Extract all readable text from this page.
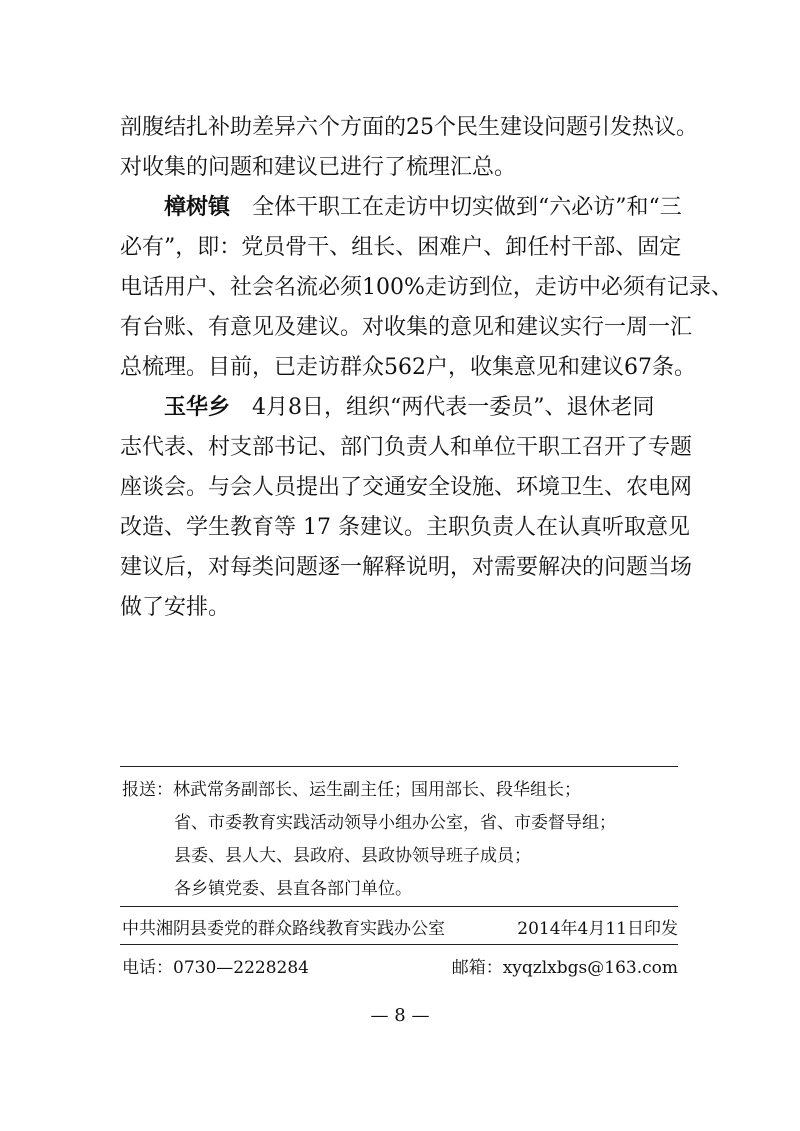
剖腹结扎补助差异六个方面的25个民生建设问题引发热议。
对收集的问题和建议已进行了梳理汇总。
樟树镇	全体干职工在走访中切实做到“六必访”和“三
必有”，即：党员骨干、组长、困难户、卸任村干部、固定
电话用户、社会名流必须100%走访到位，走访中必须有记录、
有台账、有意见及建议。对收集的意见和建议实行一周一汇
总梳理。目前，已走访群众562户，收集意见和建议67条。
玉华乡	4月8日，组织“两代表一委员”、退休老同
志代表、村支部书记、部门负责人和单位干职工召开了专题
座谈会。与会人员提出了交通安全设施、环境卫生、农电网
改造、学生教育等 17 条建议。主职负责人在认真听取意见
建议后，对每类问题逐一解释说明，对需要解决的问题当场
做了安排。
报送：林武常务副部长、运生副主任；国用部长、段华组长；
省、市委教育实践活动领导小组办公室，省、市委督导组；
县委、县人大、县政府、县政协领导班子成员；
各乡镇党委、县直各部门单位。
中共湘阴县委党的群众路线教育实践办公室	2014年4月11日印发
电话：0730—2228284	邮箱：xyqzlxbgs@163.com
— 8 —
